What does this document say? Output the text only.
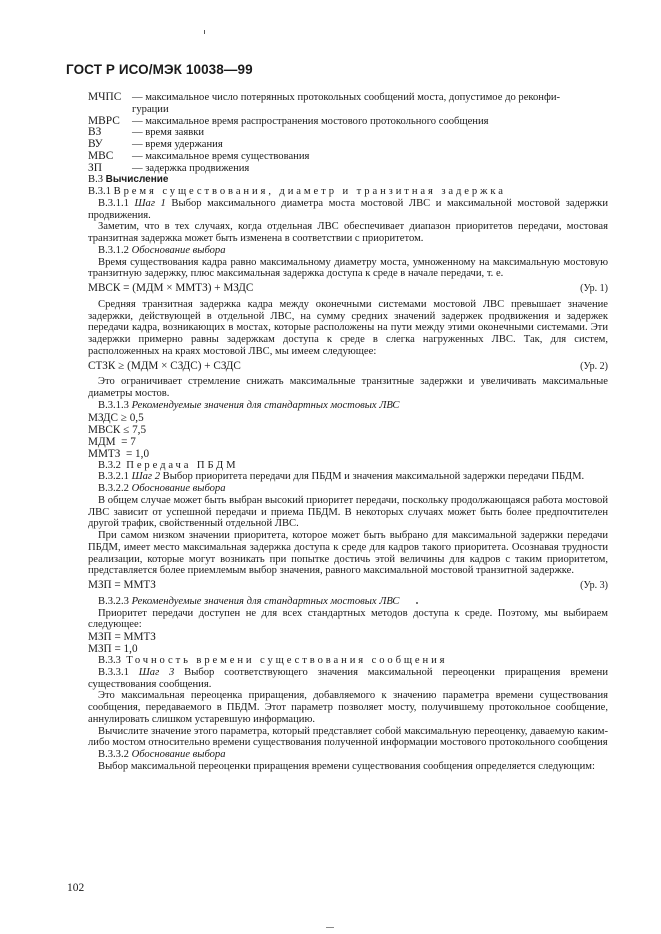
ГОСТ Р ИСО/МЭК 10038—99
МЧПС	— максимальное число потерянных протокольных сообщений моста, допустимое до реконфи-
гурации
МВРС	— максимальное время распространения мостового протокольного сообщения
ВЗ	— время заявки
ВУ	— время удержания
МВС	— максимальное время существования
ЗП	— задержка продвижения

В.3 Вычисление

В.3.1 Время существования, диаметр и транзитная задержка

В.3.1.1 Шаг 1 Выбор максимального диаметра моста мостовой ЛВС и максимальной мостовой задержки продвижения.

Заметим, что в тех случаях, когда отдельная ЛВС обеспечивает диапазон приоритетов передачи, мостовая транзитная задержка может быть изменена в соответствии с приоритетом.

В.3.1.2 Обоснование выбора

Время существования кадра равно максимальному диаметру моста, умноженному на максимальную мостовую транзитную задержку, плюс максимальная задержка доступа к среде в начале передачи, т. е.

МВСК = (МДМ × ММТЗ) + МЗДС	(Ур. 1)

Средняя транзитная задержка кадра между оконечными системами мостовой ЛВС превышает значение задержки, действующей в отдельной ЛВС, на сумму средних значений задержек продвижения и задержек передачи кадра, возникающих в мостах, которые расположены на пути между этими оконечными системами. Эти задержки примерно равны задержкам доступа к среде в слегка нагруженных ЛВС. Так, для систем, расположенных на краях мостовой ЛВС, мы имеем следующее:

СТЗК ≥ (МДМ × СЗДС) + СЗДС	(Ур. 2)

Это ограничивает стремление снижать максимальные транзитные задержки и увеличивать максимальные диаметры мостов.

В.3.1.3 Рекомендуемые значения для стандартных мостовых ЛВС

МЗДС ≥ 0,5
МВСК ≤ 7,5
МДМ = 7
ММТЗ = 1,0

В.3.2 Передача ПБДМ

В.3.2.1 Шаг 2 Выбор приоритета передачи для ПБДМ и значения максимальной задержки передачи ПБДМ.

В.3.2.2 Обоснование выбора

В общем случае может быть выбран высокий приоритет передачи, поскольку продолжающаяся работа мостовой ЛВС зависит от успешной передачи и приема ПБДМ. В некоторых случаях может быть более предпочтителен другой трафик, свойственный отдельной ЛВС.

При самом низком значении приоритета, которое может быть выбрано для максимальной задержки передачи ПБДМ, имеет место максимальная задержка доступа к среде для кадров такого приоритета. Осознавая трудности реализации, которые могут возникать при попытке достичь этой величины для кадров с таким приоритетом, представляется более приемлемым выбор значения, равного максимальной мостовой транзитной задержке.

МЗП = ММТЗ	(Ур. 3)

В.3.2.3 Рекомендуемые значения для стандартных мостовых ЛВС

Приоритет передачи доступен не для всех стандартных методов доступа к среде. Поэтому, мы выбираем следующее:

МЗП = ММТЗ
МЗП = 1,0

В.3.3 Точность времени существования сообщения

В.3.3.1 Шаг 3 Выбор соответствующего значения максимальной переоценки приращения времени существования сообщения.

Это максимальная переоценка приращения, добавляемого к значению параметра времени существования сообщения, передаваемого в ПБДМ. Этот параметр позволяет мосту, получившему протокольное сообщение, аннулировать слишком устаревшую информацию.

Вычислите значение этого параметра, который представляет собой максимальную переоценку, даваемую каким-либо мостом относительно времени существования полученной информации мостового протокольного сообщения

В.3.3.2 Обоснование выбора

Выбор максимальной переоценки приращения времени существования сообщения определяется следующим:

102
